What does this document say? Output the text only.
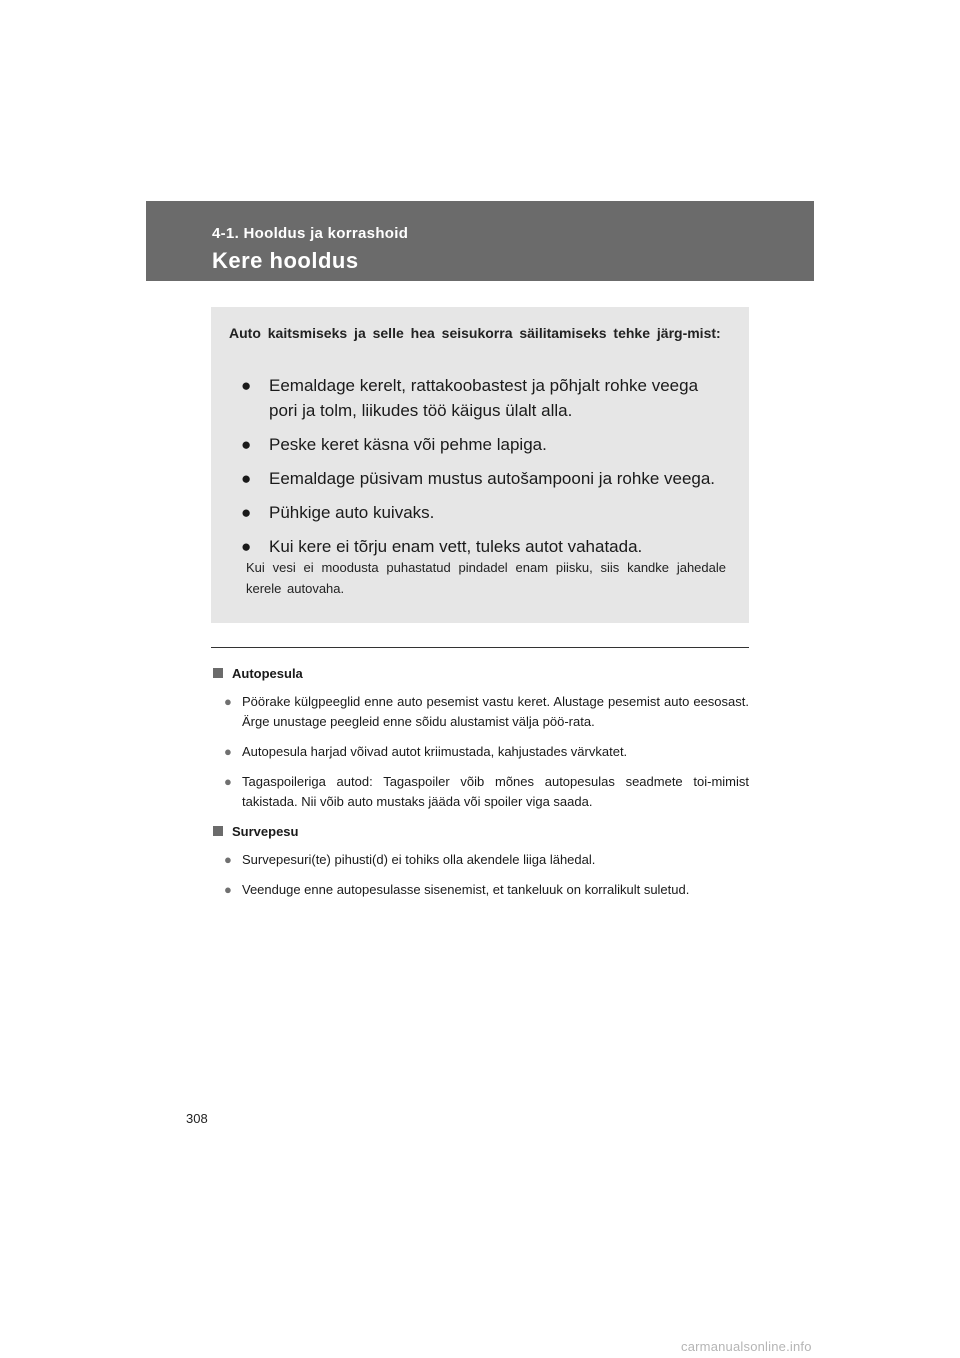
4-1. Hooldus ja korrashoid
Kere hooldus
Auto kaitsmiseks ja selle hea seisukorra säilitamiseks tehke järg-mist:
● Eemaldage kerelt, rattakoobastest ja põhjalt rohke veega pori ja tolm, liikudes töö käigus ülalt alla.
● Peske keret käsna või pehme lapiga.
● Eemaldage püsivam mustus autošampooni ja rohke veega.
● Pühkige auto kuivaks.
● Kui kere ei tõrju enam vett, tuleks autot vahatada.
Kui vesi ei moodusta puhastatud pindadel enam piisku, siis kandke jahedale kerele autovaha.
Autopesula
● Pöörake külgpeeglid enne auto pesemist vastu keret. Alustage pesemist auto eesosast. Ärge unustage peegleid enne sõidu alustamist välja pöö-rata.
● Autopesula harjad võivad autot kriimustada, kahjustades värvkatet.
● Tagaspoileriga autod: Tagaspoiler võib mõnes autopesulas seadmete toi-mimist takistada. Nii võib auto mustaks jääda või spoiler viga saada.
Survepesu
● Survepesuri(te) pihusti(d) ei tohiks olla akendele liiga lähedal.
● Veenduge enne autopesulasse sisenemist, et tankeluuk on korralikult suletud.
308
carmanualsonline.info
